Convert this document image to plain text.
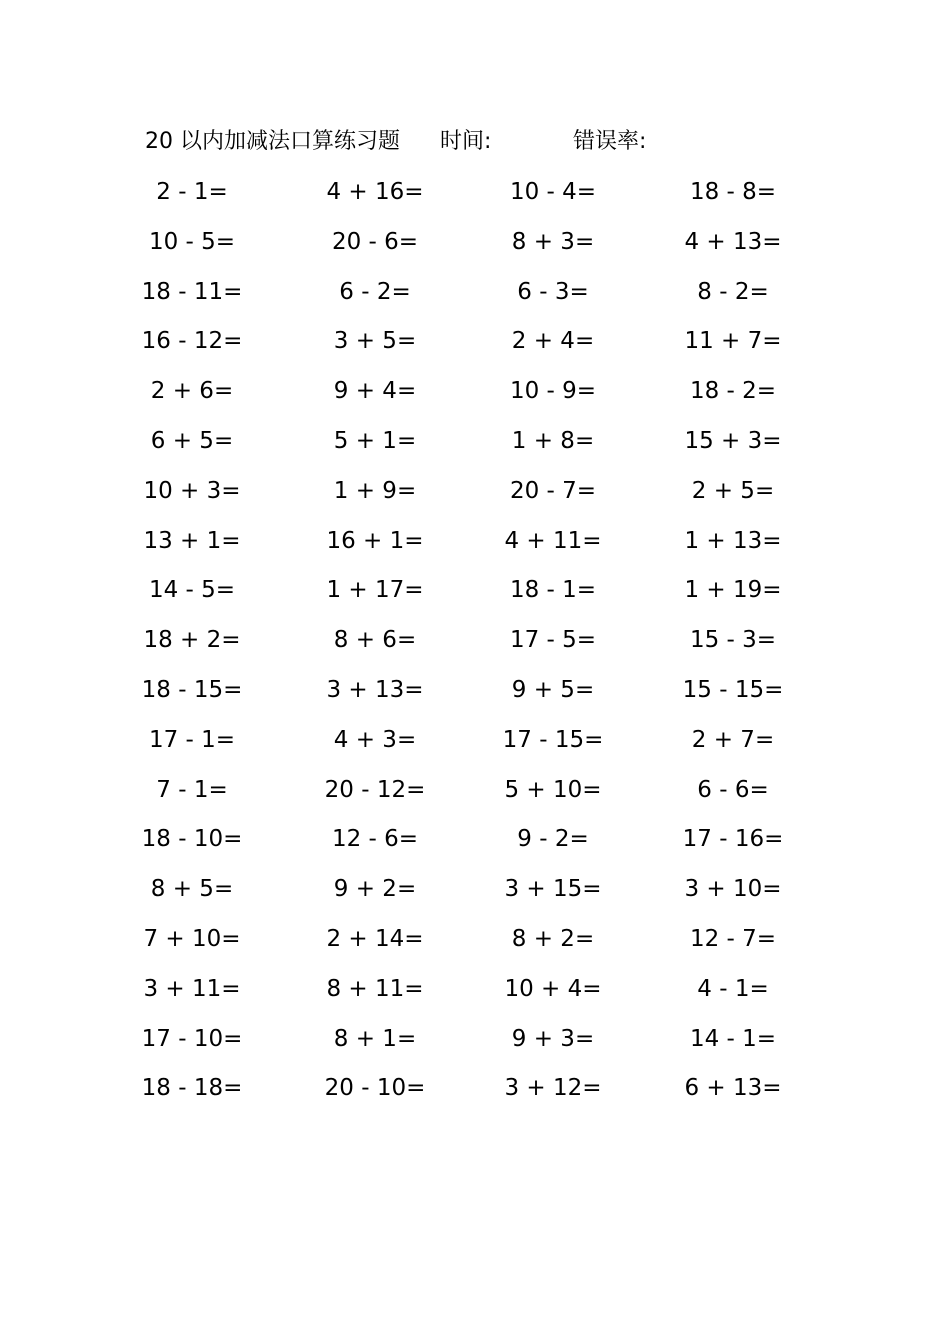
20 以内加减法口算练习题 时间:	错误率:
2 - 1=	4 + 16=	10 - 4=	18 - 8=
10 - 5=	20 - 6=	8 + 3=	4 + 13=
18 - 11=	6 - 2=	6 - 3=	8 - 2=
16 - 12=	3 + 5=	2 + 4=	11 + 7=
2 + 6=	9 + 4=	10 - 9=	18 - 2=
6 + 5=	5 + 1=	1 + 8=	15 + 3=
10 + 3=	1 + 9=	20 - 7=	2 + 5=
13 + 1=	16 + 1=	4 + 11=	1 + 13=
14 - 5=	1 + 17=	18 - 1=	1 + 19=
18 + 2=	8 + 6=	17 - 5=	15 - 3=
18 - 15=	3 + 13=	9 + 5=	15 - 15=
17 - 1=	4 + 3=	17 - 15=	2 + 7=
7 - 1=	20 - 12=	5 + 10=	6 - 6=
18 - 10=	12 - 6=	9 - 2=	17 - 16=
8 + 5=	9 + 2=	3 + 15=	3 + 10=
7 + 10=	2 + 14=	8 + 2=	12 - 7=
3 + 11=	8 + 11=	10 + 4=	4 - 1=
17 - 10=	8 + 1=	9 + 3=	14 - 1=
18 - 18=	20 - 10=	3 + 12=	6 + 13=
